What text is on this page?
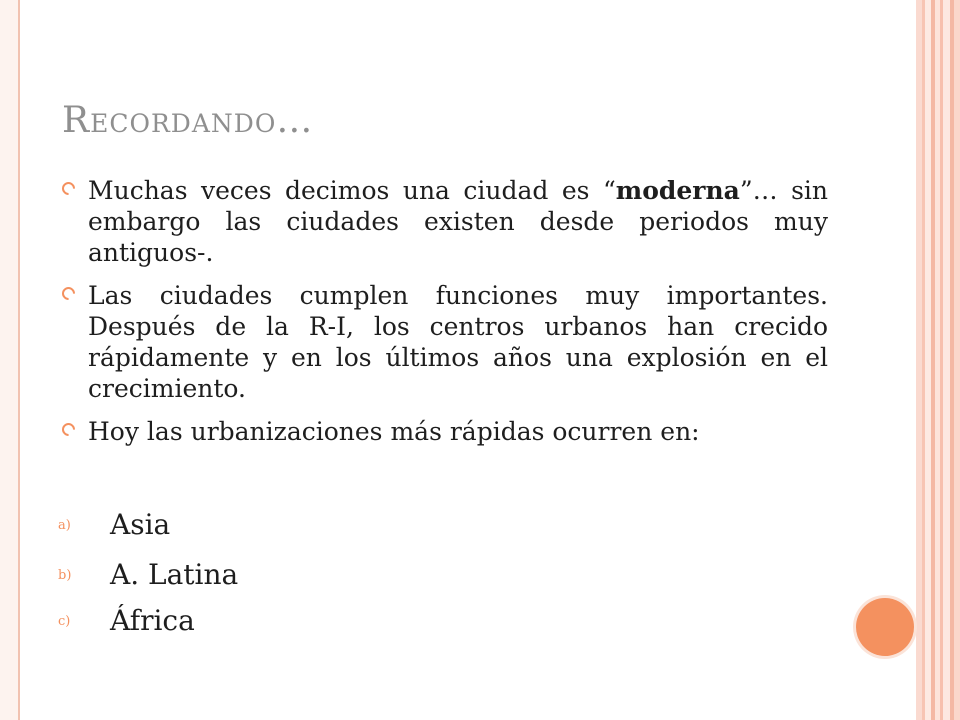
Recordando…
Muchas veces decimos una ciudad es “moderna”… sin embargo las ciudades existen desde periodos muy antiguos-.
Las ciudades cumplen funciones muy importantes. Después de la R-I, los centros urbanos han crecido rápidamente y en los últimos años una explosión en el crecimiento.
Hoy las urbanizaciones más rápidas ocurren en:
a) Asia
b) A. Latina
c) África
